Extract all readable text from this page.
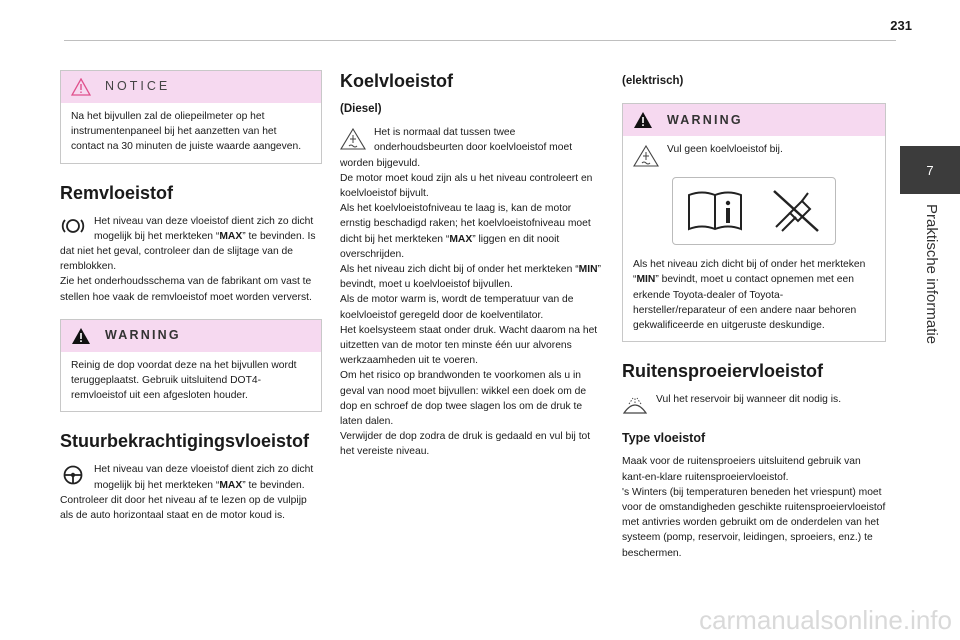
231
7
Praktische informatie
NOTICE

Na het bijvullen zal de oliepeilmeter op het instrumentenpaneel bij het aanzetten van het contact na 30 minuten de juiste waarde aangeven.

Remvloeistof

Het niveau van deze vloeistof dient zich zo dicht mogelijk bij het merkteken “MAX” te bevinden. Is dat niet het geval, controleer dan de slijtage van de remblokken.

Zie het onderhoudsschema van de fabrikant om vast te stellen hoe vaak de remvloeistof moet worden ververst.

WARNING

Reinig de dop voordat deze na het bijvullen wordt teruggeplaatst. Gebruik uitsluitend DOT4-remvloeistof uit een afgesloten houder.

Stuurbekrachtigingsvloeistof

Het niveau van deze vloeistof dient zich zo dicht mogelijk bij het merkteken “MAX” te bevinden. Controleer dit door het niveau af te lezen op de vulpijp als de auto horizontaal staat en de motor koud is.

Koelvloeistof
(Diesel)

Het is normaal dat tussen twee onderhoudsbeurten door koelvloeistof moet worden bijgevuld.

De motor moet koud zijn als u het niveau controleert en koelvloeistof bijvult.

Als het koelvloeistofniveau te laag is, kan de motor ernstig beschadigd raken; het koelvloeistofniveau moet dicht bij het merkteken “MAX” liggen en dit nooit overschrijden.

Als het niveau zich dicht bij of onder het merkteken “MIN” bevindt, moet u koelvloeistof bijvullen.

Als de motor warm is, wordt de temperatuur van de koelvloeistof geregeld door de koelventilator.

Het koelsysteem staat onder druk. Wacht daarom na het uitzetten van de motor ten minste één uur alvorens werkzaamheden uit te voeren.

Om het risico op brandwonden te voorkomen als u in geval van nood moet bijvullen: wikkel een doek om de dop en schroef de dop twee slagen los om de druk te laten dalen.

Verwijder de dop zodra de druk is gedaald en vul bij tot het vereiste niveau.

(elektrisch)
WARNING

Vul geen koelvloeistof bij.

Als het niveau zich dicht bij of onder het merkteken “MIN” bevindt, moet u contact opnemen met een erkende Toyota-dealer of Toyota-hersteller/reparateur of een andere naar behoren gekwalificeerde en uitgeruste deskundige.

Ruitensproeiervloeistof

Vul het reservoir bij wanneer dit nodig is.

Type vloeistof

Maak voor de ruitensproeiers uitsluitend gebruik van kant-en-klare ruitensproeiervloeistof.

's Winters (bij temperaturen beneden het vriespunt) moet voor de omstandigheden geschikte ruitensproeiervloeistof met antivries worden gebruikt om de onderdelen van het systeem (pomp, reservoir, leidingen, sproeiers, enz.) te beschermen.

carmanualsonline.info
